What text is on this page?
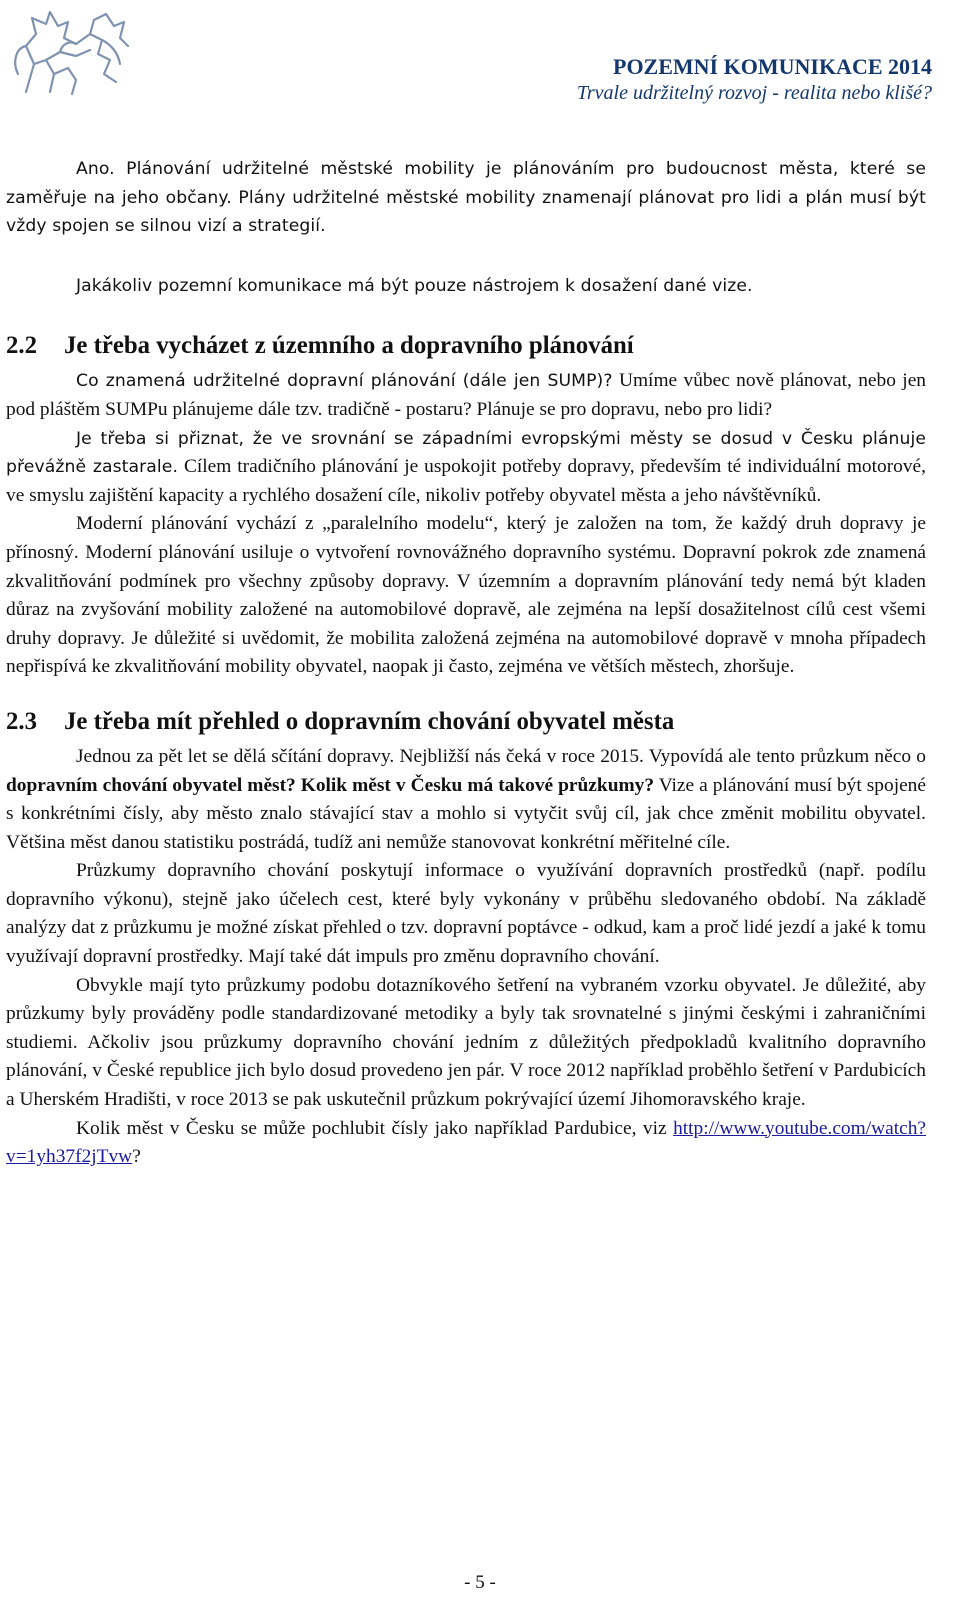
POZEMNÍ KOMUNIKACE 2014
Trvale udržitelný rozvoj - realita nebo klišé?

Ano. Plánování udržitelné městské mobility je plánováním pro budoucnost města, které se zaměřuje na jeho občany. Plány udržitelné městské mobility znamenají plánovat pro lidi a plán musí být vždy spojen se silnou vizí a strategií.

Jakákoliv pozemní komunikace má být pouze nástrojem k dosažení dané vize.

2.2	Je třeba vycházet z územního a dopravního plánování

Co znamená udržitelné dopravní plánování (dále jen SUMP)? Umíme vůbec nově plánovat, nebo jen pod pláštěm SUMPu plánujeme dále tzv. tradičně - postaru? Plánuje se pro dopravu, nebo pro lidi?

Je třeba si přiznat, že ve srovnání se západními evropskými městy se dosud v Česku plánuje převážně zastarale. Cílem tradičního plánování je uspokojit potřeby dopravy, především té individuální motorové, ve smyslu zajištění kapacity a rychlého dosažení cíle, nikoliv potřeby obyvatel města a jeho návštěvníků.

Moderní plánování vychází z „paralelního modelu“, který je založen na tom, že každý druh dopravy je přínosný. Moderní plánování usiluje o vytvoření rovnovážného dopravního systému. Dopravní pokrok zde znamená zkvalitňování podmínek pro všechny způsoby dopravy. V územním a dopravním plánování tedy nemá být kladen důraz na zvyšování mobility založené na automobilové dopravě, ale zejména na lepší dosažitelnost cílů cest všemi druhy dopravy. Je důležité si uvědomit, že mobilita založená zejména na automobilové dopravě v mnoha případech nepřispívá ke zkvalitňování mobility obyvatel, naopak ji často, zejména ve větších městech, zhoršuje.

2.3	Je třeba mít přehled o dopravním chování obyvatel města

Jednou za pět let se dělá sčítání dopravy. Nejbližší nás čeká v roce 2015. Vypovídá ale tento průzkum něco o dopravním chování obyvatel měst? Kolik měst v Česku má takové průzkumy? Vize a plánování musí být spojené s konkrétními čísly, aby město znalo stávající stav a mohlo si vytyčit svůj cíl, jak chce změnit mobilitu obyvatel. Většina měst danou statistiku postrádá, tudíž ani nemůže stanovovat konkrétní měřitelné cíle.

Průzkumy dopravního chování poskytují informace o využívání dopravních prostředků (např. podílu dopravního výkonu), stejně jako účelech cest, které byly vykonány v průběhu sledovaného období. Na základě analýzy dat z průzkumu je možné získat přehled o tzv. dopravní poptávce - odkud, kam a proč lidé jezdí a jaké k tomu využívají dopravní prostředky. Mají také dát impuls pro změnu dopravního chování.

Obvykle mají tyto průzkumy podobu dotazníkového šetření na vybraném vzorku obyvatel. Je důležité, aby průzkumy byly prováděny podle standardizované metodiky a byly tak srovnatelné s jinými českými i zahraničními studiemi. Ačkoliv jsou průzkumy dopravního chování jedním z důležitých předpokladů kvalitního dopravního plánování, v České republice jich bylo dosud provedeno jen pár. V roce 2012 například proběhlo šetření v Pardubicích a Uherském Hradišti, v roce 2013 se pak uskutečnil průzkum pokrývající území Jihomoravského kraje.

Kolik měst v Česku se může pochlubit čísly jako například Pardubice, viz http://www.youtube.com/watch?v=1yh37f2jTvw?

- 5 -
